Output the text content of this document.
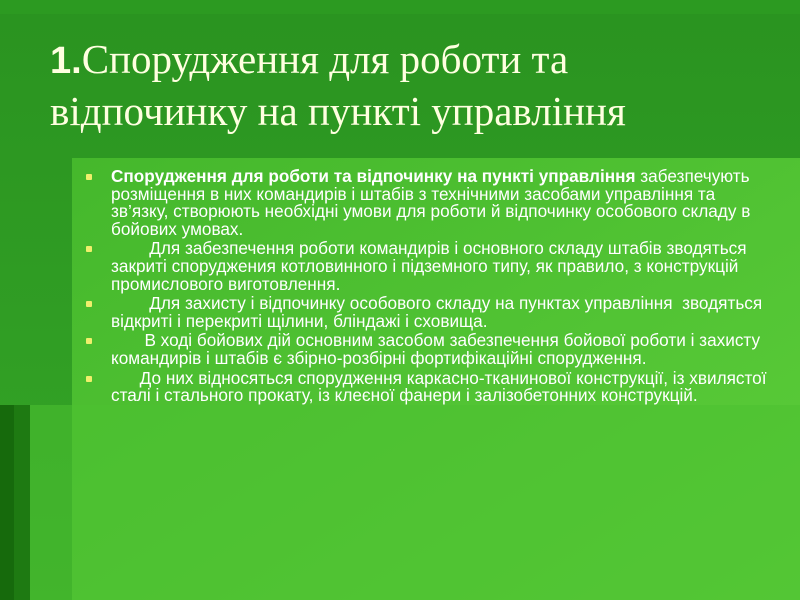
1.Спорудження для роботи та відпочинку на пункті управління
Спорудження для роботи та відпочинку на пункті управління забезпечують розміщення в них командирів і штабів з технічними засобами управління та зв’язку, створюють необхідні умови для роботи й відпочинку особового складу в бойових умовах.
Для забезпечення роботи командирів і основного складу штабів зводяться закриті споруджения котловинного і підземного типу, як правило, з конструкцій промислового виготовлення.
Для захисту і відпочинку особового складу на пунктах управління  зводяться відкриті і перекриті щілини, бліндажі і сховища.
В ході бойових дій основним засобом забезпечення бойової роботи і захисту командирів і штабів є збірно-розбірні фортифікаційні спорудження.
До них відносяться спорудження каркасно-тканинової конструкції, із хвилястої сталі і стального прокату, із клеєної фанери і залізобетонних конструкцій.
